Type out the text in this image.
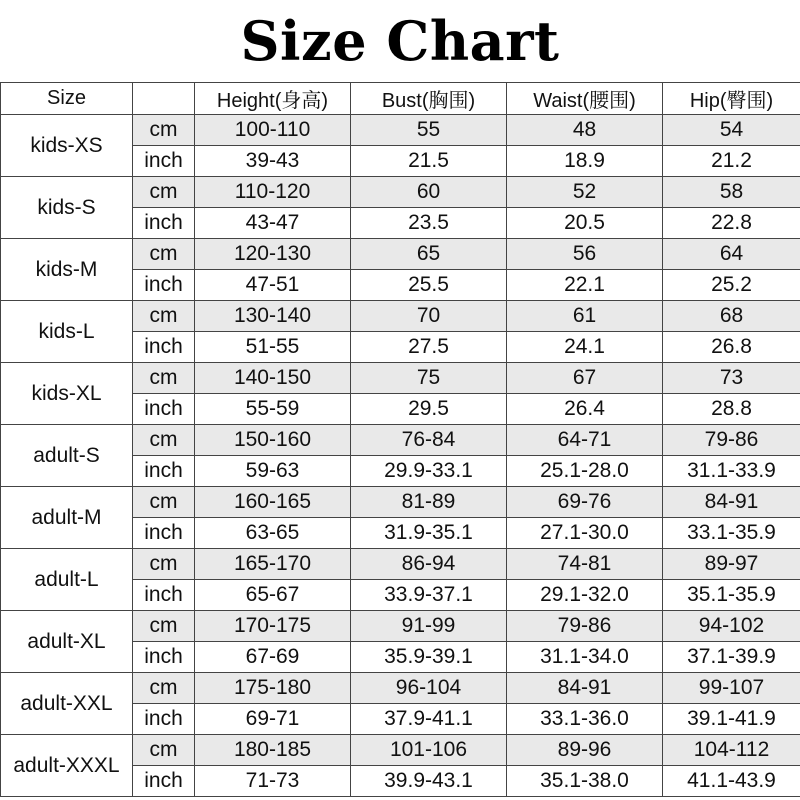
Size Chart
Size		Height(身高)	Bust(胸围)	Waist(腰围)	Hip(臀围)
kids-XS	cm	100-110	55	48	54
	inch	39-43	21.5	18.9	21.2
kids-S	cm	110-120	60	52	58
	inch	43-47	23.5	20.5	22.8
kids-M	cm	120-130	65	56	64
	inch	47-51	25.5	22.1	25.2
kids-L	cm	130-140	70	61	68
	inch	51-55	27.5	24.1	26.8
kids-XL	cm	140-150	75	67	73
	inch	55-59	29.5	26.4	28.8
adult-S	cm	150-160	76-84	64-71	79-86
	inch	59-63	29.9-33.1	25.1-28.0	31.1-33.9
adult-M	cm	160-165	81-89	69-76	84-91
	inch	63-65	31.9-35.1	27.1-30.0	33.1-35.9
adult-L	cm	165-170	86-94	74-81	89-97
	inch	65-67	33.9-37.1	29.1-32.0	35.1-35.9
adult-XL	cm	170-175	91-99	79-86	94-102
	inch	67-69	35.9-39.1	31.1-34.0	37.1-39.9
adult-XXL	cm	175-180	96-104	84-91	99-107
	inch	69-71	37.9-41.1	33.1-36.0	39.1-41.9
adult-XXXL	cm	180-185	101-106	89-96	104-112
	inch	71-73	39.9-43.1	35.1-38.0	41.1-43.9
